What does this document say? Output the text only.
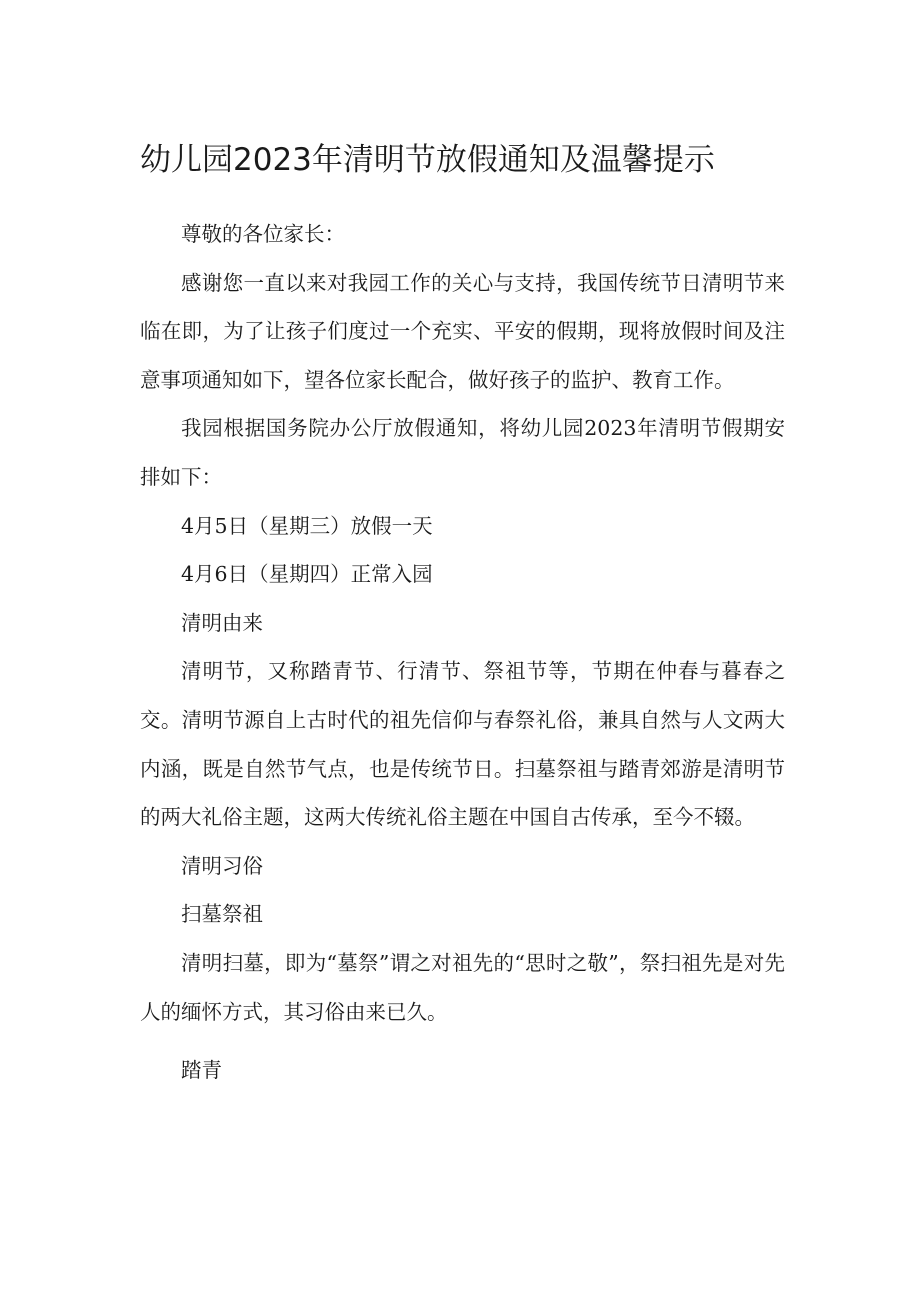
幼儿园2023年清明节放假通知及温馨提示

尊敬的各位家长：

感谢您一直以来对我园工作的关心与支持，我国传统节日清明节来临在即，为了让孩子们度过一个充实、平安的假期，现将放假时间及注意事项通知如下，望各位家长配合，做好孩子的监护、教育工作。

我园根据国务院办公厅放假通知，将幼儿园2023年清明节假期安排如下：

4月5日（星期三）放假一天

4月6日（星期四）正常入园

清明由来

清明节，又称踏青节、行清节、祭祖节等，节期在仲春与暮春之交。清明节源自上古时代的祖先信仰与春祭礼俗，兼具自然与人文两大内涵，既是自然节气点，也是传统节日。扫墓祭祖与踏青郊游是清明节的两大礼俗主题，这两大传统礼俗主题在中国自古传承，至今不辍。

清明习俗

扫墓祭祖

清明扫墓，即为“墓祭”谓之对祖先的“思时之敬”，祭扫祖先是对先人的缅怀方式，其习俗由来已久。

踏青
